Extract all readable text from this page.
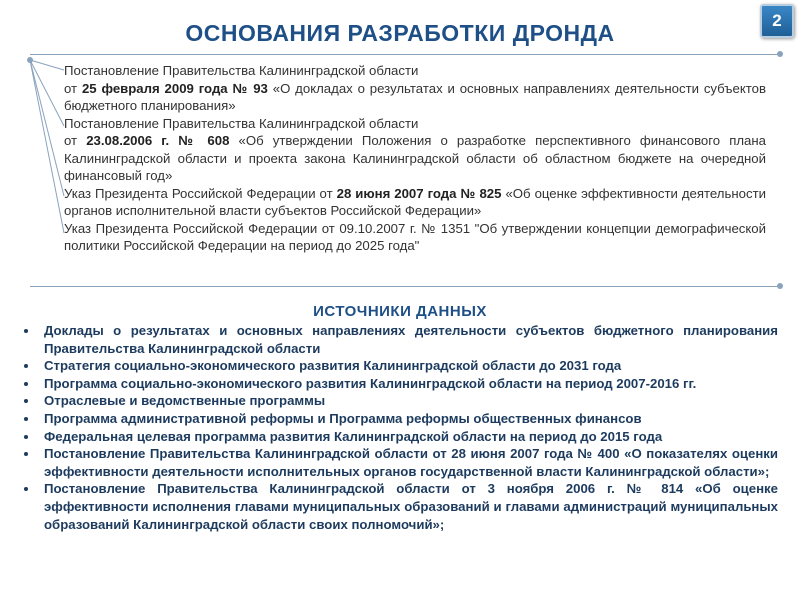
ОСНОВАНИЯ РАЗРАБОТКИ ДРОНДА	2

Постановление Правительства Калининградской области

от 25 февраля 2009 года № 93 «О докладах о результатах и основных направлениях деятельности субъектов бюджетного планирования»

Постановление Правительства Калининградской области

от 23.08.2006 г. № 608 «Об утверждении Положения о разработке перспективного финансового плана Калининградской области и проекта закона Калининградской области об областном бюджете на очередной финансовый год»

Указ Президента Российской Федерации от 28 июня 2007 года № 825 «Об оценке эффективности деятельности органов исполнительной власти субъектов Российской Федерации»

Указ Президента Российской Федерации от 09.10.2007 г. № 1351 "Об утверждении концепции демографической политики Российской Федерации на период до 2025 года"

ИСТОЧНИКИ ДАННЫХ
Доклады о результатах и основных направлениях деятельности субъектов бюджетного планирования Правительства Калининградской области
Стратегия социально-экономического развития Калининградской области до 2031 года
Программа социально-экономического развития Калининградской области на период 2007-2016 гг.
Отраслевые и ведомственные программы
Программа административной реформы и Программа реформы общественных финансов
Федеральная целевая программа развития Калининградской области на период до 2015 года
Постановление Правительства Калининградской области от 28 июня 2007 года № 400 «О показателях оценки эффективности деятельности исполнительных органов государственной власти Калининградской области»;
Постановление Правительства Калининградской области от 3 ноября 2006 г. № 814 «Об оценке эффективности исполнения главами муниципальных образований и главами администраций муниципальных образований Калининградской области своих полномочий»;
